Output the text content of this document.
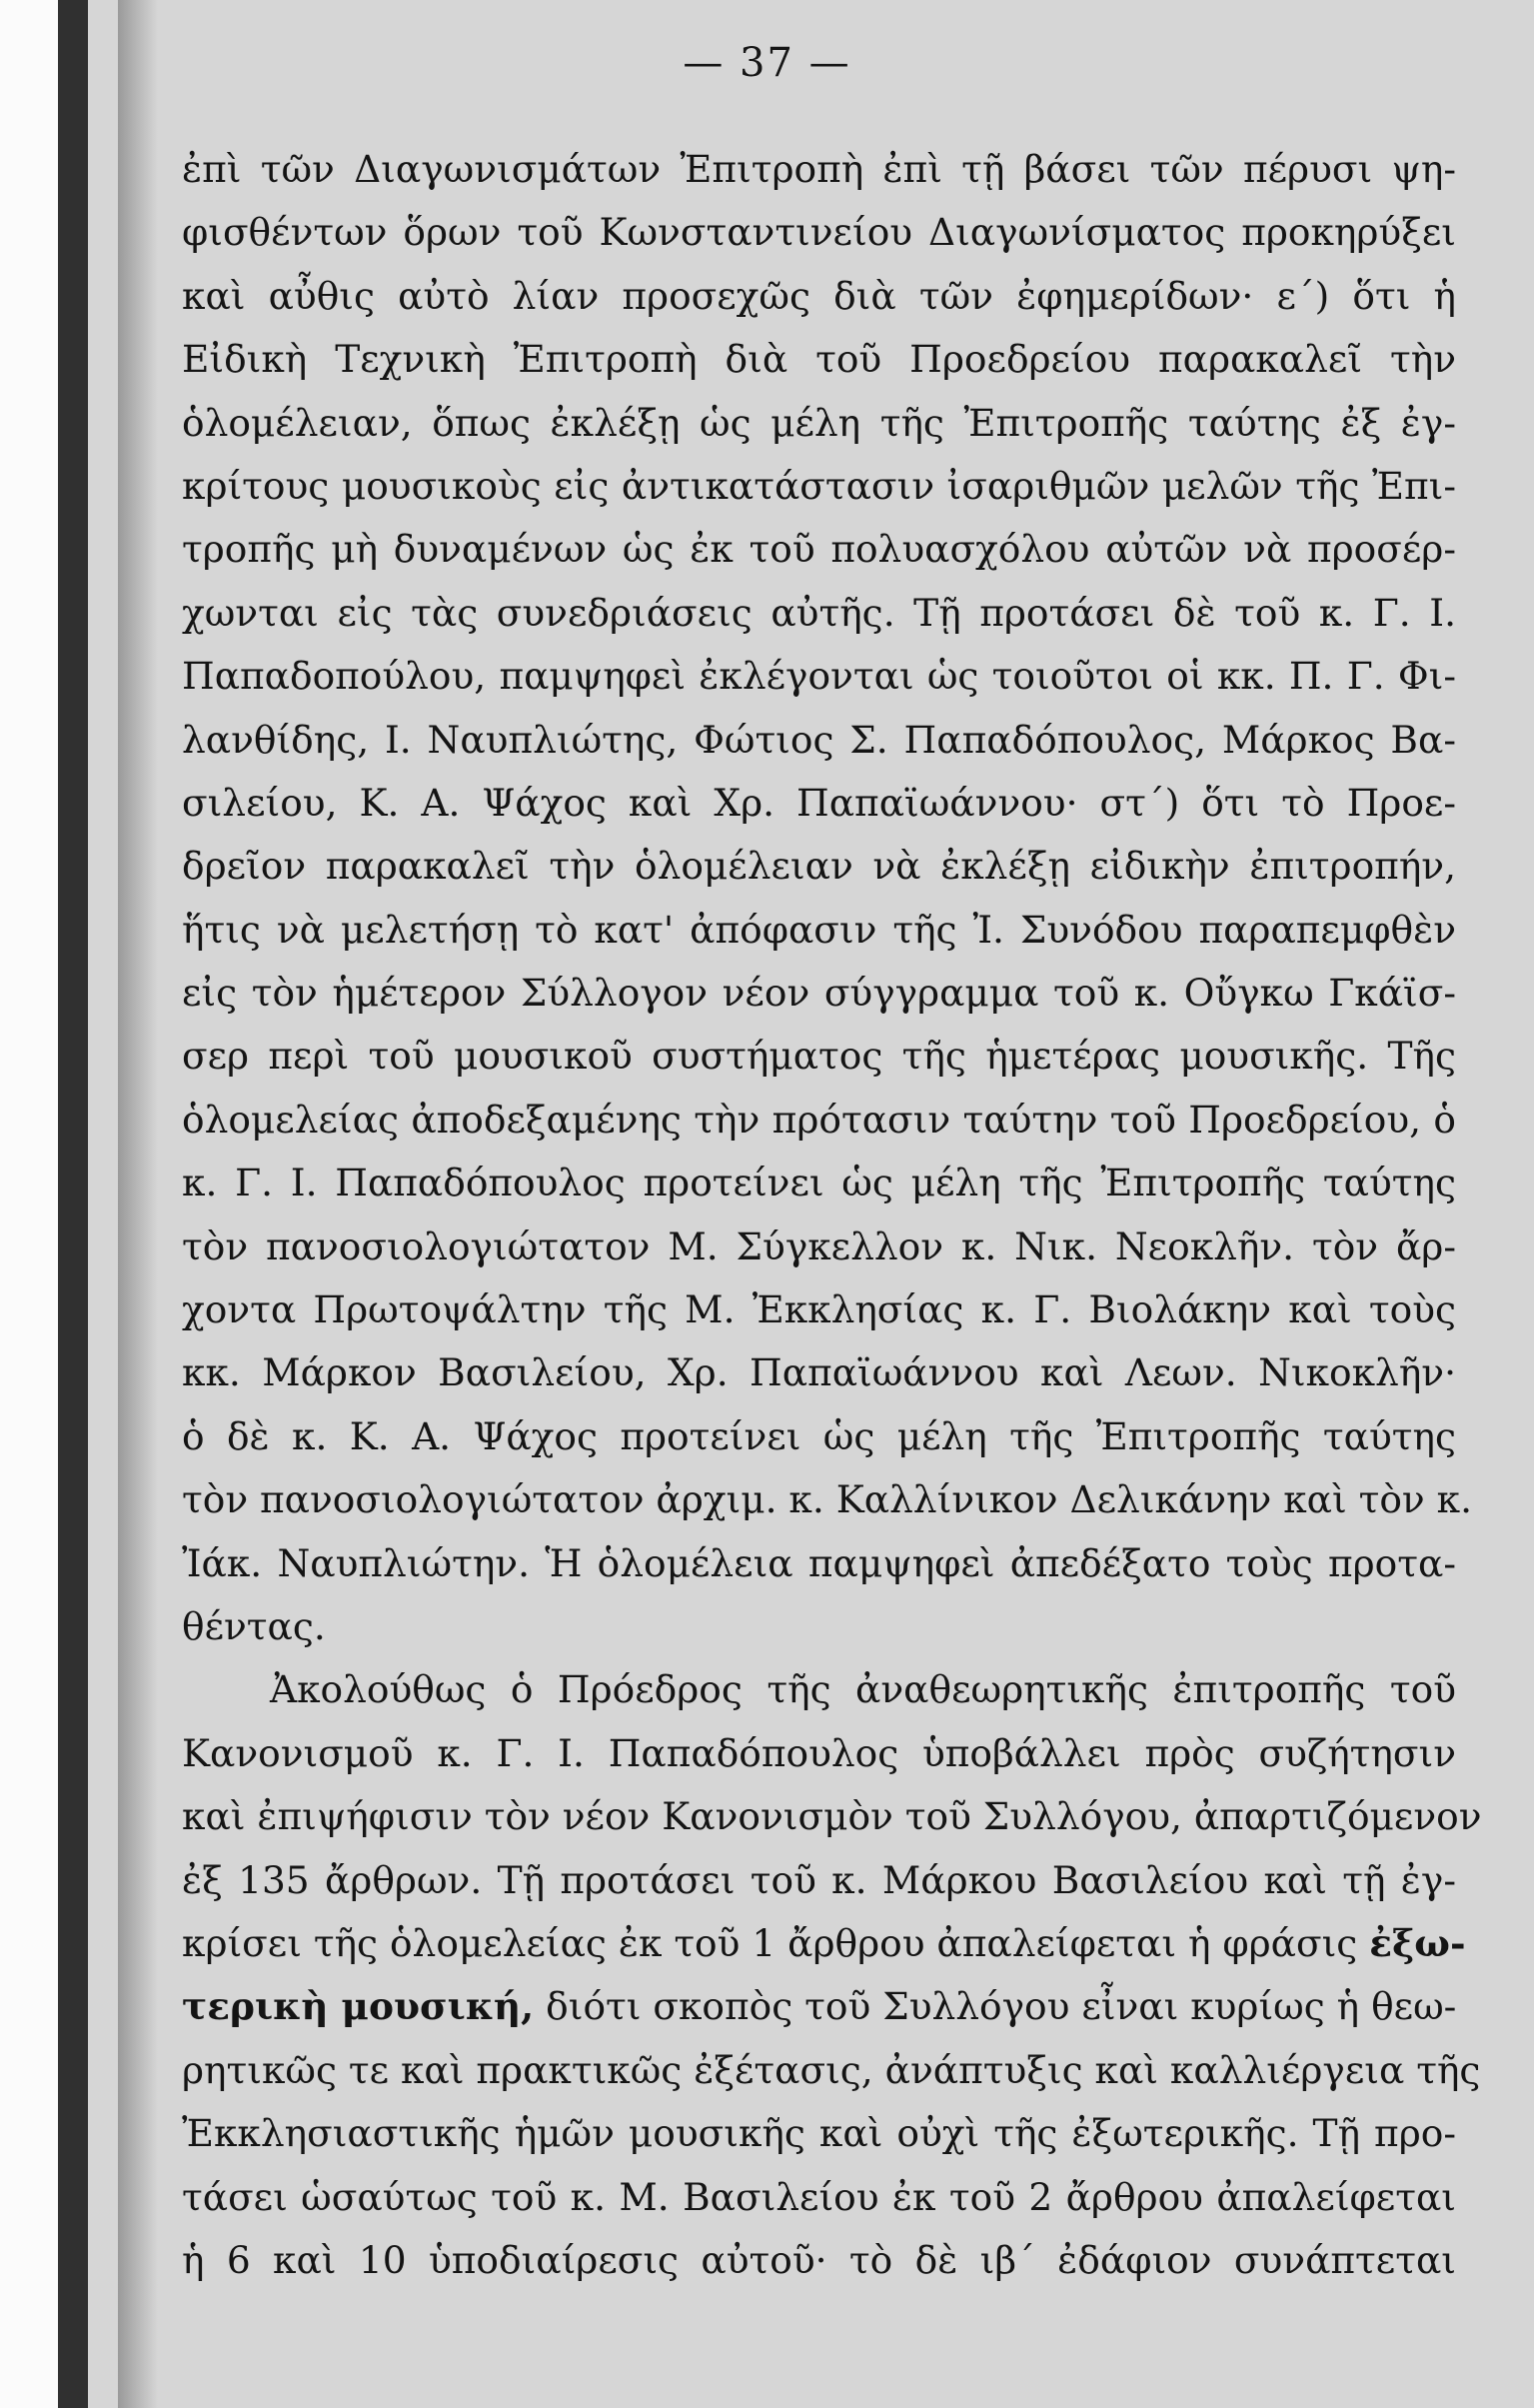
— 37 —
ἐπὶ τῶν Διαγωνισμάτων Ἐπιτροπὴ ἐπὶ τῇ βάσει τῶν πέρυσι ψη-
φισθέντων ὅρων τοῦ Κωνσταντινείου Διαγωνίσματος προκηρύξει
καὶ αὖθις αὐτὸ λίαν προσεχῶς διὰ τῶν ἐφημερίδων· ε´) ὅτι ἡ
Εἰδικὴ Τεχνικὴ Ἐπιτροπὴ διὰ τοῦ Προεδρείου παρακαλεῖ τὴν
ὁλομέλειαν, ὅπως ἐκλέξῃ ὡς μέλη τῆς Ἐπιτροπῆς ταύτης ἐξ ἐγ-
κρίτους μουσικοὺς εἰς ἀντικατάστασιν ἰσαριθμῶν μελῶν τῆς Ἐπι-
τροπῆς μὴ δυναμένων ὡς ἐκ τοῦ πολυασχόλου αὐτῶν νὰ προσέρ-
χωνται εἰς τὰς συνεδριάσεις αὐτῆς. Τῇ προτάσει δὲ τοῦ κ. Γ. Ι.
Παπαδοπούλου, παμψηφεὶ ἐκλέγονται ὡς τοιοῦτοι οἱ κκ. Π. Γ. Φι-
λανθίδης, Ι. Ναυπλιώτης, Φώτιος Σ. Παπαδόπουλος, Μάρκος Βα-
σιλείου, Κ. Α. Ψάχος καὶ Χρ. Παπαϊωάννου· στ´) ὅτι τὸ Προε-
δρεῖον παρακαλεῖ τὴν ὁλομέλειαν νὰ ἐκλέξῃ εἰδικὴν ἐπιτροπήν,
ἥτις νὰ μελετήσῃ τὸ κατ' ἀπόφασιν τῆς Ἰ. Συνόδου παραπεμφθὲν
εἰς τὸν ἡμέτερον Σύλλογον νέον σύγγραμμα τοῦ κ. Οὔγκω Γκάϊσ-
σερ περὶ τοῦ μουσικοῦ συστήματος τῆς ἡμετέρας μουσικῆς. Τῆς
ὁλομελείας ἀποδεξαμένης τὴν πρότασιν ταύτην τοῦ Προεδρείου, ὁ
κ. Γ. Ι. Παπαδόπουλος προτείνει ὡς μέλη τῆς Ἐπιτροπῆς ταύτης
τὸν πανοσιολογιώτατον Μ. Σύγκελλον κ. Νικ. Νεοκλῆν. τὸν ἄρ-
χοντα Πρωτοψάλτην τῆς Μ. Ἐκκλησίας κ. Γ. Βιολάκην καὶ τοὺς
κκ. Μάρκον Βασιλείου, Χρ. Παπαϊωάννου καὶ Λεων. Νικοκλῆν·
ὁ δὲ κ. Κ. Α. Ψάχος προτείνει ὡς μέλη τῆς Ἐπιτροπῆς ταύτης
τὸν πανοσιολογιώτατον ἀρχιμ. κ. Καλλίνικον Δελικάνην καὶ τὸν κ.
Ἰάκ. Ναυπλιώτην. Ἡ ὁλομέλεια παμψηφεὶ ἀπεδέξατο τοὺς προτα-
θέντας.
Ἀκολούθως ὁ Πρόεδρος τῆς ἀναθεωρητικῆς ἐπιτροπῆς τοῦ
Κανονισμοῦ κ. Γ. Ι. Παπαδόπουλος ὑποβάλλει πρὸς συζήτησιν
καὶ ἐπιψήφισιν τὸν νέον Κανονισμὸν τοῦ Συλλόγου, ἀπαρτιζόμενον
ἐξ 135 ἄρθρων. Τῇ προτάσει τοῦ κ. Μάρκου Βασιλείου καὶ τῇ ἐγ-
κρίσει τῆς ὁλομελείας ἐκ τοῦ 1 ἄρθρου ἀπαλείφεται ἡ φράσις ἐξω-
τερικὴ μουσική, διότι σκοπὸς τοῦ Συλλόγου εἶναι κυρίως ἡ θεω-
ρητικῶς τε καὶ πρακτικῶς ἐξέτασις, ἀνάπτυξις καὶ καλλιέργεια τῆς
Ἐκκλησιαστικῆς ἡμῶν μουσικῆς καὶ οὐχὶ τῆς ἐξωτερικῆς. Τῇ προ-
τάσει ὡσαύτως τοῦ κ. Μ. Βασιλείου ἐκ τοῦ 2 ἄρθρου ἀπαλείφεται
ἡ 6 καὶ 10 ὑποδιαίρεσις αὐτοῦ· τὸ δὲ ιβ´ ἐδάφιον συνάπτεται
